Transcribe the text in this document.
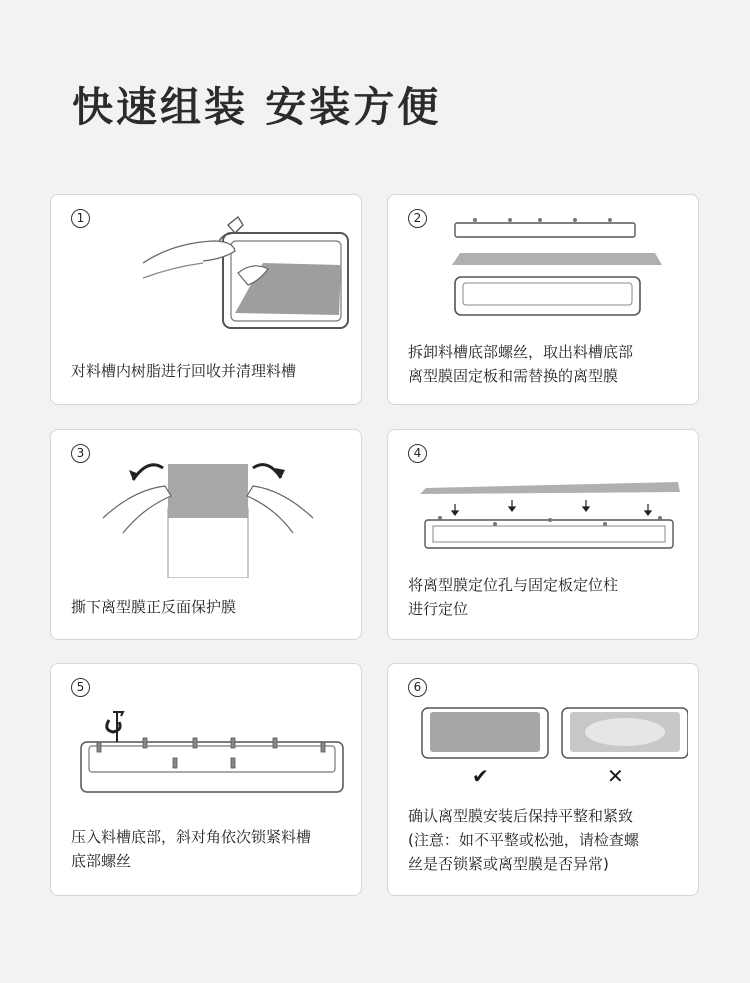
快速组装 安装方便
1
对料槽内树脂进行回收并清理料槽
2
拆卸料槽底部螺丝，取出料槽底部
离型膜固定板和需替换的离型膜
3
撕下离型膜正反面保护膜
4
将离型膜定位孔与固定板定位柱
进行定位
5
压入料槽底部，斜对角依次锁紧料槽
底部螺丝
✔	✕
6
确认离型膜安装后保持平整和紧致
(注意：如不平整或松弛，请检查螺
丝是否锁紧或离型膜是否异常)
